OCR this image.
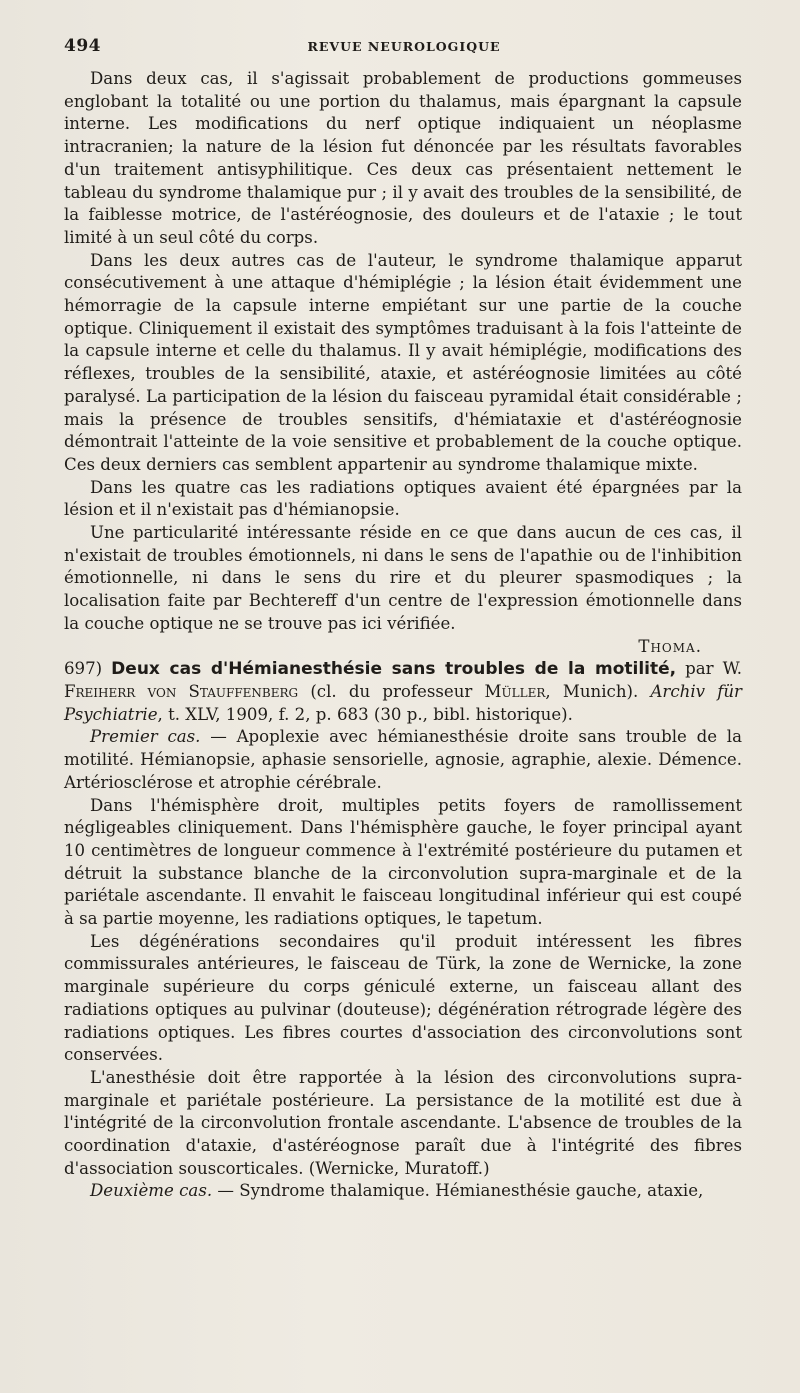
494	REVUE NEUROLOGIQUE

Dans deux cas, il s'agissait probablement de productions gommeuses englobant la totalité ou une portion du thalamus, mais épargnant la capsule interne. Les modifications du nerf optique indiquaient un néoplasme intracranien; la nature de la lésion fut dénoncée par les résultats favorables d'un traitement antisyphilitique. Ces deux cas présentaient nettement le tableau du syndrome thalamique pur ; il y avait des troubles de la sensibilité, de la faiblesse motrice, de l'astéréognosie, des douleurs et de l'ataxie ; le tout limité à un seul côté du corps.

Dans les deux autres cas de l'auteur, le syndrome thalamique apparut consécutivement à une attaque d'hémiplégie ; la lésion était évidemment une hémorragie de la capsule interne empiétant sur une partie de la couche optique. Cliniquement il existait des symptômes traduisant à la fois l'atteinte de la capsule interne et celle du thalamus. Il y avait hémiplégie, modifications des réflexes, troubles de la sensibilité, ataxie, et astéréognosie limitées au côté paralysé. La participation de la lésion du faisceau pyramidal était considérable ; mais la présence de troubles sensitifs, d'hémiataxie et d'astéréognosie démontrait l'atteinte de la voie sensitive et probablement de la couche optique. Ces deux derniers cas semblent appartenir au syndrome thalamique mixte.

Dans les quatre cas les radiations optiques avaient été épargnées par la lésion et il n'existait pas d'hémianopsie.

Une particularité intéressante réside en ce que dans aucun de ces cas, il n'existait de troubles émotionnels, ni dans le sens de l'apathie ou de l'inhibition émotionnelle, ni dans le sens du rire et du pleurer spasmodiques ; la localisation faite par Bechtereff d'un centre de l'expression émotionnelle dans la couche optique ne se trouve pas ici vérifiée.

Thoma.

697) Deux cas d'Hémianesthésie sans troubles de la motilité, par W. Freiherr von Stauffenberg (cl. du professeur Müller, Munich). Archiv für Psychiatrie, t. XLV, 1909, f. 2, p. 683 (30 p., bibl. historique).

Premier cas. — Apoplexie avec hémianesthésie droite sans trouble de la motilité. Hémianopsie, aphasie sensorielle, agnosie, agraphie, alexie. Démence. Artériosclérose et atrophie cérébrale.

Dans l'hémisphère droit, multiples petits foyers de ramollissement négligeables cliniquement. Dans l'hémisphère gauche, le foyer principal ayant 10 centimètres de longueur commence à l'extrémité postérieure du putamen et détruit la substance blanche de la circonvolution supra-marginale et de la pariétale ascendante. Il envahit le faisceau longitudinal inférieur qui est coupé à sa partie moyenne, les radiations optiques, le tapetum.

Les dégénérations secondaires qu'il produit intéressent les fibres commissurales antérieures, le faisceau de Türk, la zone de Wernicke, la zone marginale supérieure du corps géniculé externe, un faisceau allant des radiations optiques au pulvinar (douteuse); dégénération rétrograde légère des radiations optiques. Les fibres courtes d'association des circonvolutions sont conservées.

L'anesthésie doit être rapportée à la lésion des circonvolutions supra-marginale et pariétale postérieure. La persistance de la motilité est due à l'intégrité de la circonvolution frontale ascendante. L'absence de troubles de la coordination d'ataxie, d'astéréognose paraît due à l'intégrité des fibres d'association souscorticales. (Wernicke, Muratoff.)

Deuxième cas. — Syndrome thalamique. Hémianesthésie gauche, ataxie,
